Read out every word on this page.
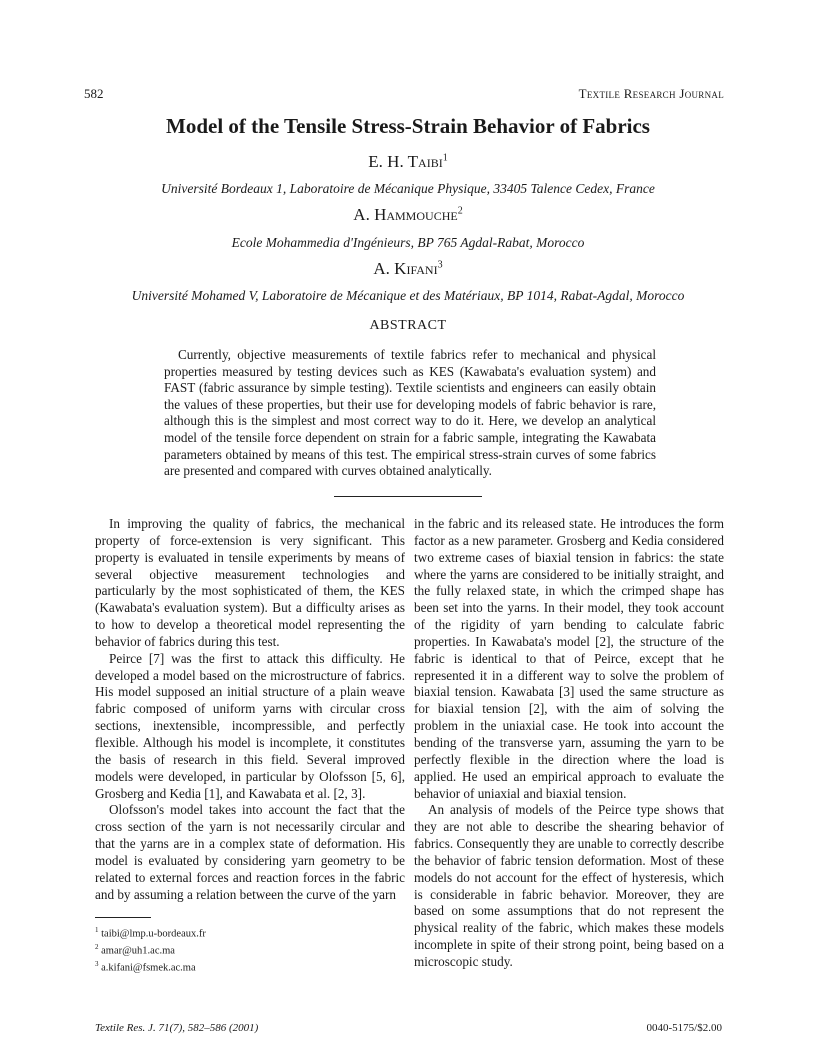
582	Textile Research Journal
Model of the Tensile Stress-Strain Behavior of Fabrics
E. H. Taibi$^1$
Université Bordeaux 1, Laboratoire de Mécanique Physique, 33405 Talence Cedex, France
A. Hammouche$^2$
Ecole Mohammedia d'Ingénieurs, BP 765 Agdal-Rabat, Morocco
A. Kifani$^3$
Université Mohamed V, Laboratoire de Mécanique et des Matériaux, BP 1014, Rabat-Agdal, Morocco
ABSTRACT
Currently, objective measurements of textile fabrics refer to mechanical and physical properties measured by testing devices such as KES (Kawabata's evaluation system) and FAST (fabric assurance by simple testing). Textile scientists and engineers can easily obtain the values of these properties, but their use for developing models of fabric behavior is rare, although this is the simplest and most correct way to do it. Here, we develop an analytical model of the tensile force dependent on strain for a fabric sample, integrating the Kawabata parameters obtained by means of this test. The empirical stress-strain curves of some fabrics are presented and compared with curves obtained analytically.

In improving the quality of fabrics, the mechanical property of force-extension is very significant. This property is evaluated in tensile experiments by means of several objective measurement technologies and particularly by the most sophisticated of them, the KES (Kawabata's evaluation system). But a difficulty arises as to how to develop a theoretical model representing the behavior of fabrics during this test.

Peirce [7] was the first to attack this difficulty. He developed a model based on the microstructure of fabrics. His model supposed an initial structure of a plain weave fabric composed of uniform yarns with circular cross sections, inextensible, incompressible, and perfectly flexible. Although his model is incomplete, it constitutes the basis of research in this field. Several improved models were developed, in particular by Olofsson [5, 6], Grosberg and Kedia [1], and Kawabata et al. [2, 3].

Olofsson's model takes into account the fact that the cross section of the yarn is not necessarily circular and that the yarns are in a complex state of deformation. His model is evaluated by considering yarn geometry to be related to external forces and reaction forces in the fabric and by assuming a relation between the curve of the yarn

in the fabric and its released state. He introduces the form factor as a new parameter. Grosberg and Kedia considered two extreme cases of biaxial tension in fabrics: the state where the yarns are considered to be initially straight, and the fully relaxed state, in which the crimped shape has been set into the yarns. In their model, they took account of the rigidity of yarn bending to calculate fabric properties. In Kawabata's model [2], the structure of the fabric is identical to that of Peirce, except that he represented it in a different way to solve the problem of biaxial tension. Kawabata [3] used the same structure as for biaxial tension [2], with the aim of solving the problem in the uniaxial case. He took into account the bending of the transverse yarn, assuming the yarn to be perfectly flexible in the direction where the load is applied. He used an empirical approach to evaluate the behavior of uniaxial and biaxial tension.

An analysis of models of the Peirce type shows that they are not able to describe the shearing behavior of fabrics. Consequently they are unable to correctly describe the behavior of fabric tension deformation. Most of these models do not account for the effect of hysteresis, which is considerable in fabric behavior. Moreover, they are based on some assumptions that do not represent the physical reality of the fabric, which makes these models incomplete in spite of their strong point, being based on a microscopic study.

$^1$ taibi@lmp.u-bordeaux.fr
$^2$ amar@uh1.ac.ma
$^3$ a.kifani@fsmek.ac.ma
Textile Res. J. 71(7), 582–586 (2001)	0040-5175/$2.00
